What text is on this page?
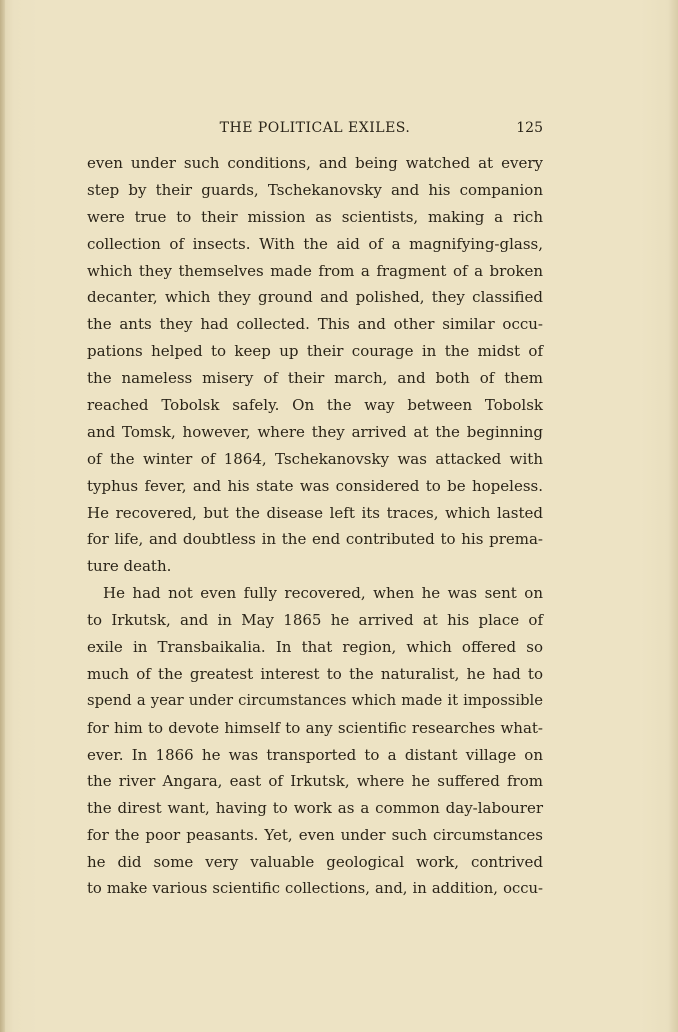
THE POLITICAL EXILES.	125
even under such conditions, and being watched at every
step by their guards, Tschekanovsky and his companion
were true to their mission as scientists, making a rich
collection of insects. With the aid of a magnifying-glass,
which they themselves made from a fragment of a broken
decanter, which they ground and polished, they classified
the ants they had collected. This and other similar occu-
pations helped to keep up their courage in the midst of
the nameless misery of their march, and both of them
reached Tobolsk safely. On the way between Tobolsk
and Tomsk, however, where they arrived at the beginning
of the winter of 1864, Tschekanovsky was attacked with
typhus fever, and his state was considered to be hopeless.
He recovered, but the disease left its traces, which lasted
for life, and doubtless in the end contributed to his prema-
ture death.
He had not even fully recovered, when he was sent on
to Irkutsk, and in May 1865 he arrived at his place of
exile in Transbaikalia. In that region, which offered so
much of the greatest interest to the naturalist, he had to
spend a year under circumstances which made it impossible
for him to devote himself to any scientific researches what-
ever. In 1866 he was transported to a distant village on
the river Angara, east of Irkutsk, where he suffered from
the direst want, having to work as a common day-labourer
for the poor peasants. Yet, even under such circumstances
he did some very valuable geological work, contrived
to make various scientific collections, and, in addition, occu-
